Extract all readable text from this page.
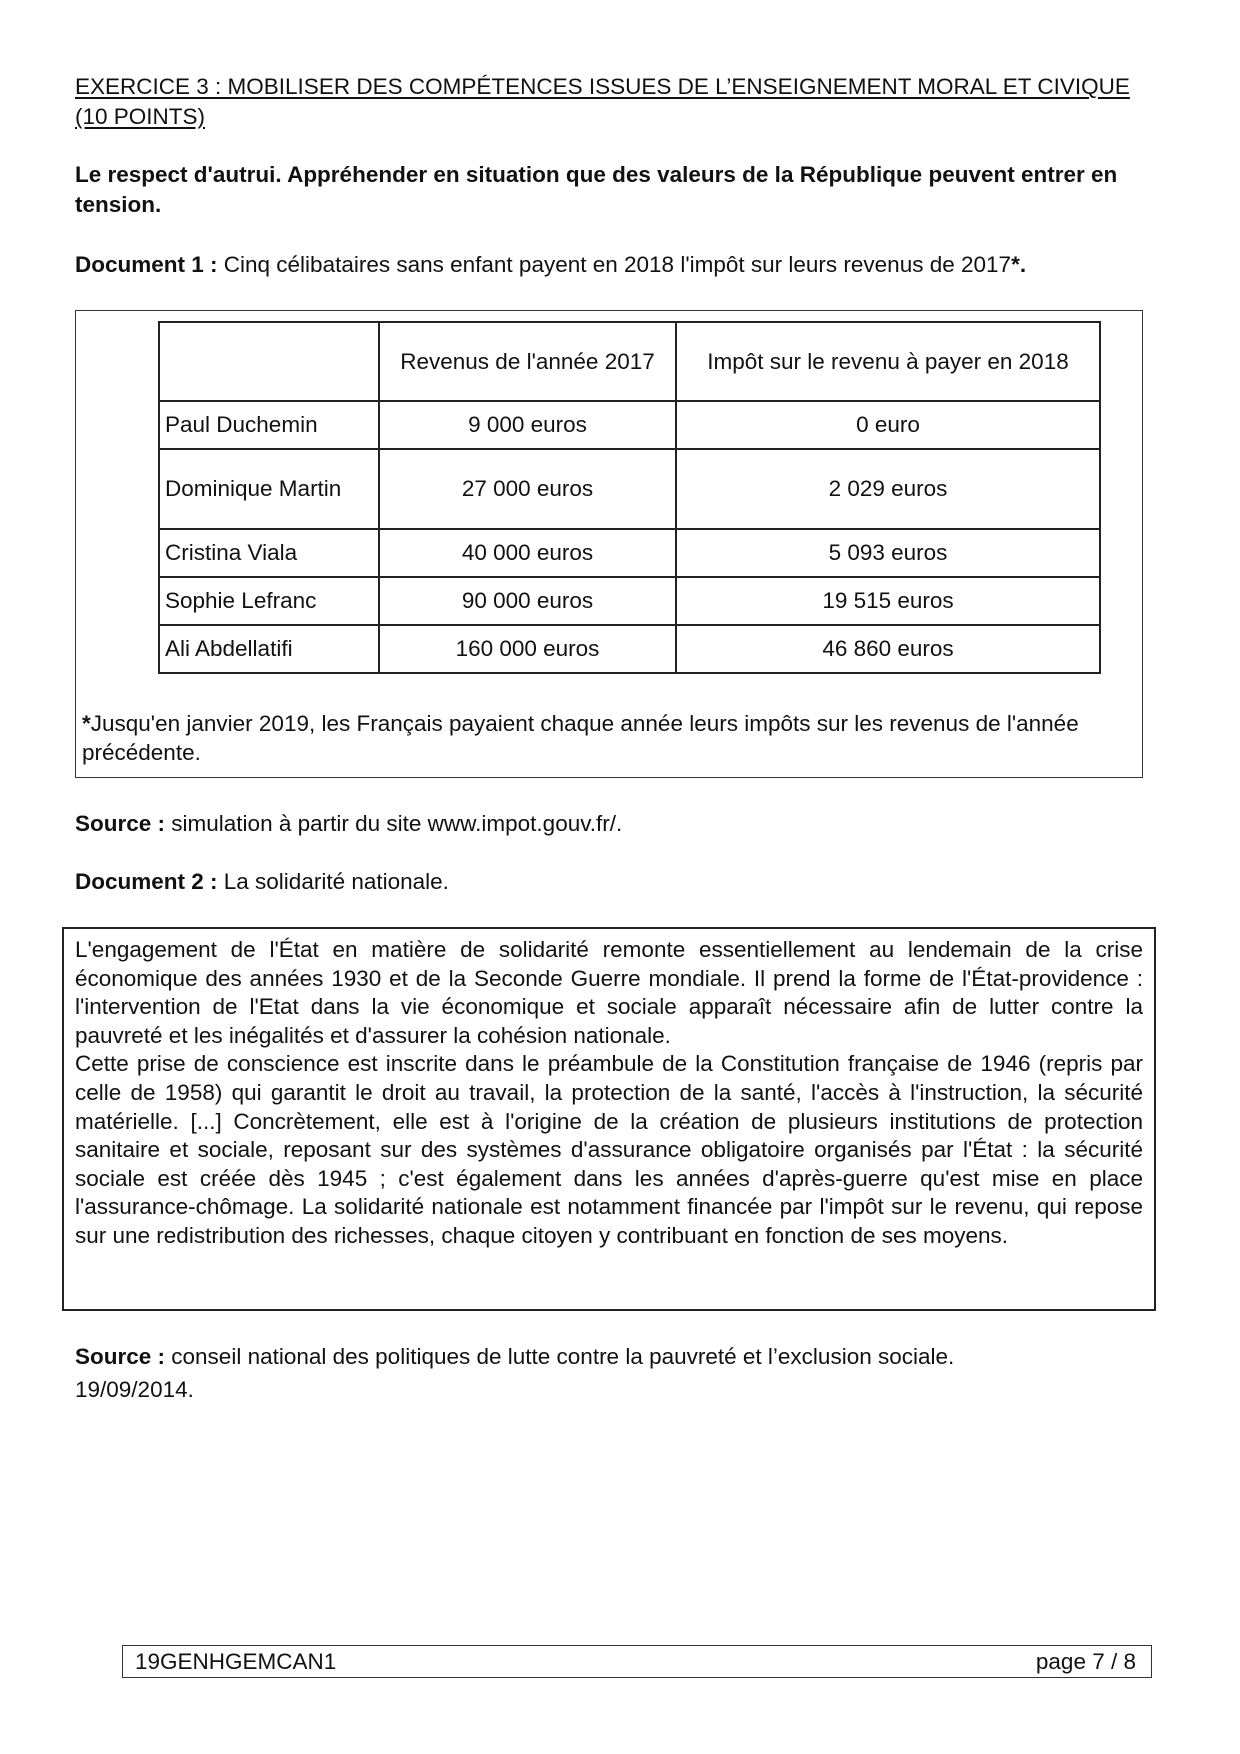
EXERCICE 3 : MOBILISER DES COMPÉTENCES ISSUES DE L’ENSEIGNEMENT MORAL ET CIVIQUE (10 POINTS)
Le respect d'autrui. Appréhender en situation que des valeurs de la République peuvent entrer en tension.
Document 1 : Cinq célibataires sans enfant payent en 2018 l'impôt sur leurs revenus de 2017*.
	Revenus de l'année 2017	Impôt sur le revenu à payer en 2018
Paul Duchemin	9 000 euros	0 euro
Dominique Martin	27 000 euros	2 029 euros
Cristina Viala	40 000 euros	5 093 euros
Sophie Lefranc	90 000 euros	19 515 euros
Ali Abdellatifi	160 000 euros	46 860 euros
*Jusqu'en janvier 2019, les Français payaient chaque année leurs impôts sur les revenus de l'année précédente.
Source : simulation à partir du site www.impot.gouv.fr/.
Document 2 : La solidarité nationale.

L'engagement de l'État en matière de solidarité remonte essentiellement au lendemain de la crise économique des années 1930 et de la Seconde Guerre mondiale. Il prend la forme de l'État-providence : l'intervention de l'Etat dans la vie économique et sociale apparaît nécessaire afin de lutter contre la pauvreté et les inégalités et d'assurer la cohésion nationale.

Cette prise de conscience est inscrite dans le préambule de la Constitution française de 1946 (repris par celle de 1958) qui garantit le droit au travail, la protection de la santé, l'accès à l'instruction, la sécurité matérielle. [...] Concrètement, elle est à l'origine de la création de plusieurs institutions de protection sanitaire et sociale, reposant sur des systèmes d'assurance obligatoire organisés par l'État : la sécurité sociale est créée dès 1945 ; c'est également dans les années d'après-guerre qu'est mise en place l'assurance-chômage. La solidarité nationale est notamment financée par l'impôt sur le revenu, qui repose sur une redistribution des richesses, chaque citoyen y contribuant en fonction de ses moyens.

Source : conseil national des politiques de lutte contre la pauvreté et l’exclusion sociale.
19/09/2014.
19GENHGEMCAN1	page 7 / 8
